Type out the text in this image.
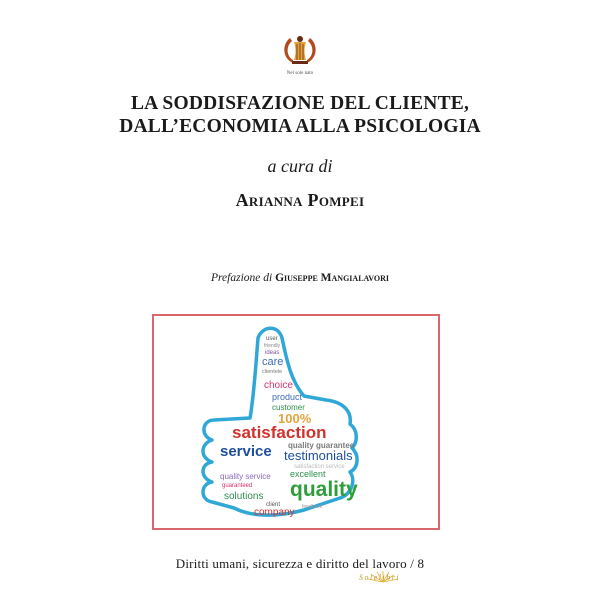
Nel sole nato
LA SODDISFAZIONE DEL CLIENTE,
DALL’ECONOMIA ALLA PSICOLOGIA
a cura di
Arianna Pompei
Prefazione di Giuseppe Mangialavori
user
friendly
ideas
care
clientele
choice
product
customer
100%
satisfaction
quality guarantee
service testimonials
satisfaction service
excellent
quality
quality service
guaranteed
solutions
client
company feedback
Diritti umani, sicurezza e diritto del lavoro / 8
Solelibri
